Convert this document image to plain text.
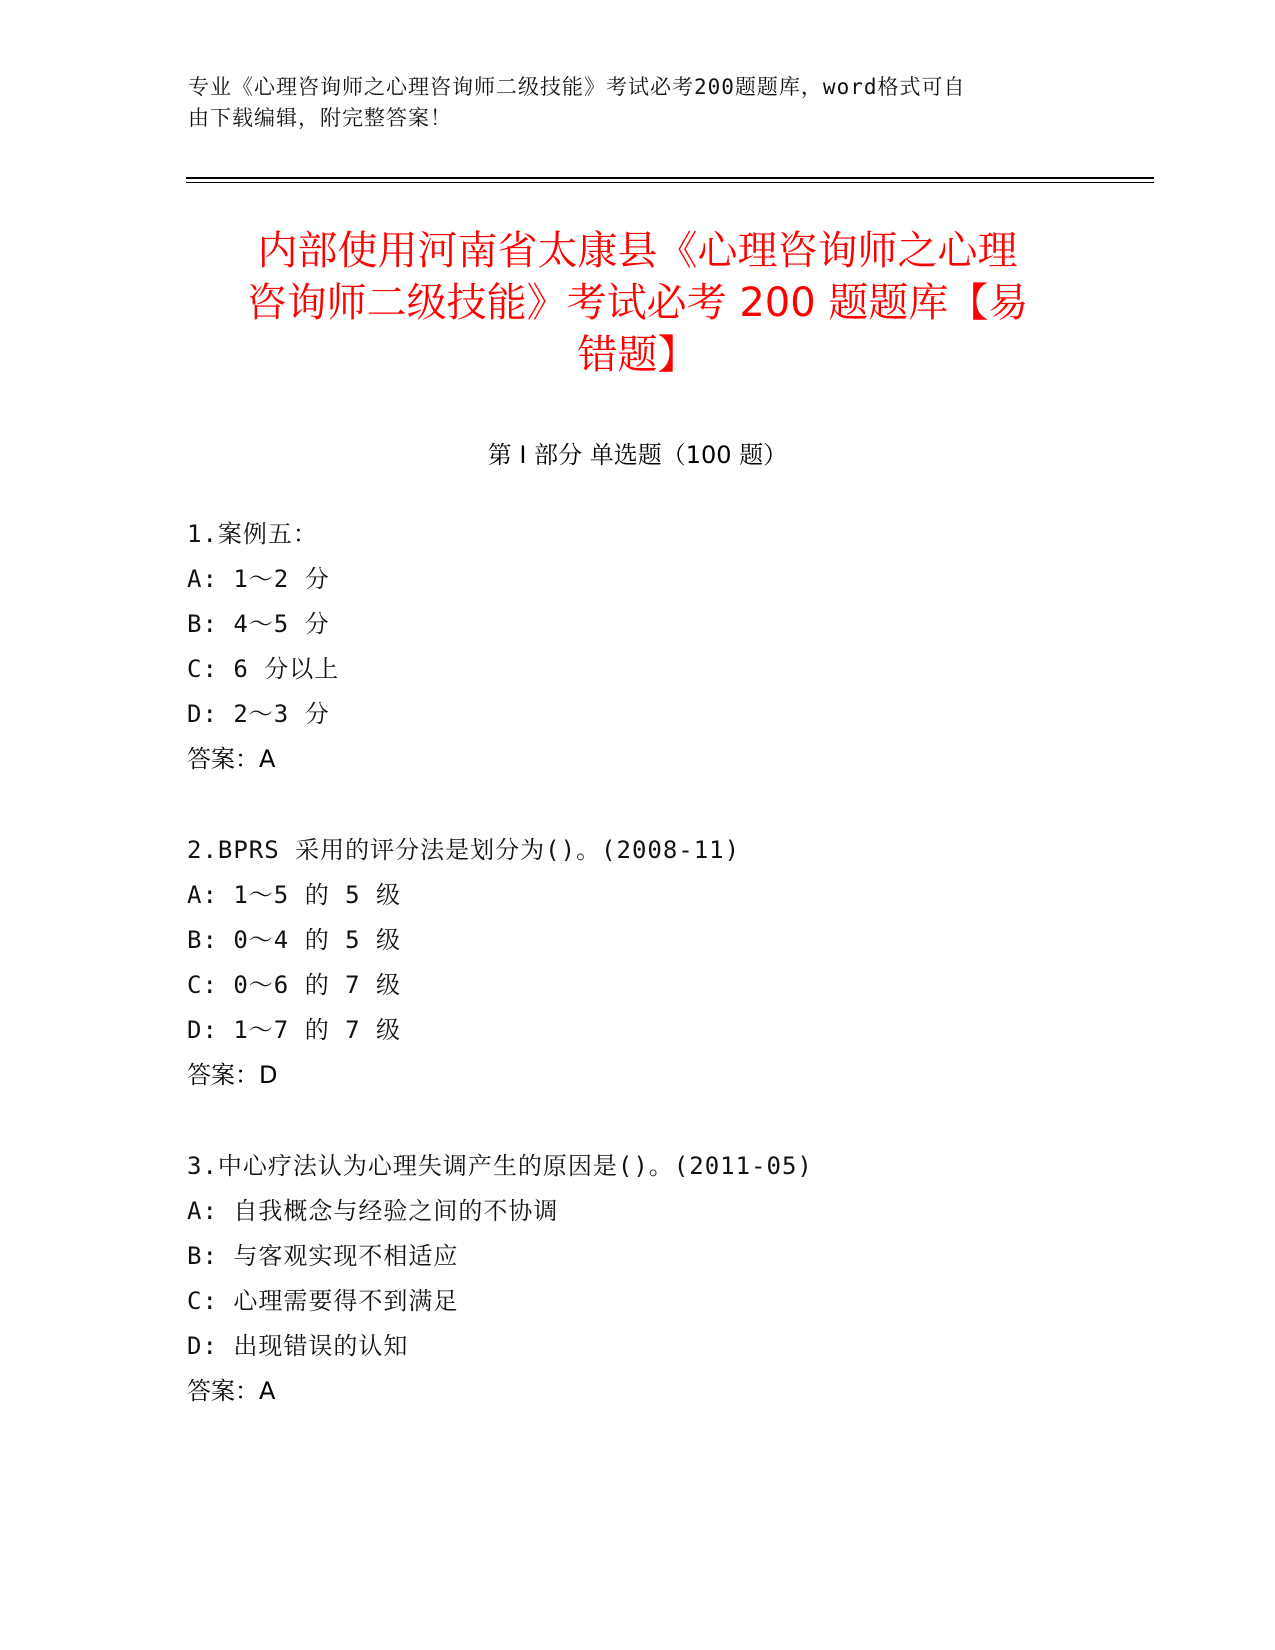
专业《心理咨询师之心理咨询师二级技能》考试必考200题题库，word格式可自
由下载编辑，附完整答案！
内部使用河南省太康县《心理咨询师之心理
咨询师二级技能》考试必考 200 题题库【易
错题】
第 I 部分 单选题（100 题）
1.案例五：
A: 1～2 分
B: 4～5 分
C: 6 分以上
D: 2～3 分
答案：A
2.BPRS 采用的评分法是划分为()。(2008-11)
A: 1～5 的 5 级
B: 0～4 的 5 级
C: 0～6 的 7 级
D: 1～7 的 7 级
答案：D
3.中心疗法认为心理失调产生的原因是()。(2011-05)
A: 自我概念与经验之间的不协调
B: 与客观实现不相适应
C: 心理需要得不到满足
D: 出现错误的认知
答案：A
